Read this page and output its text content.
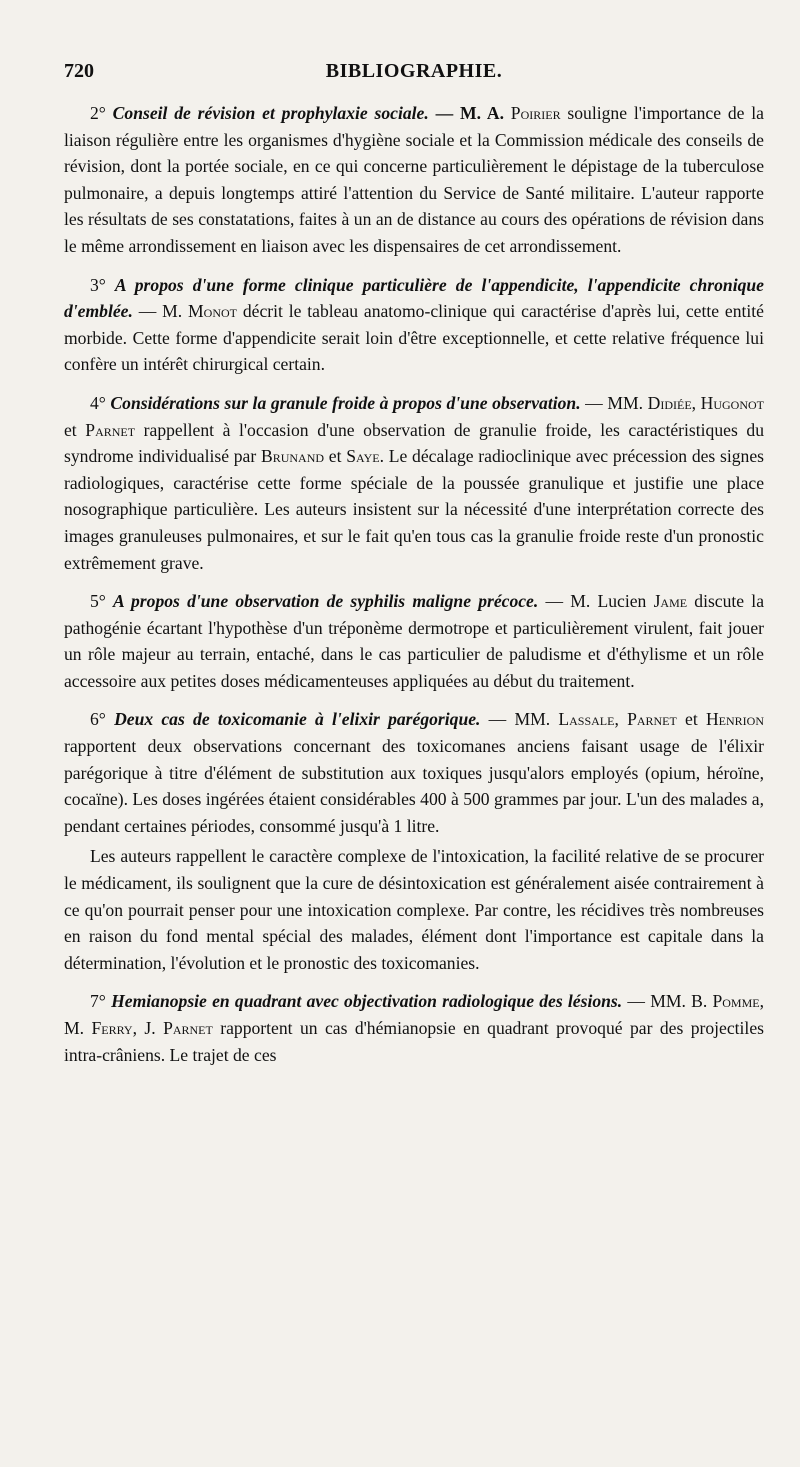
720	BIBLIOGRAPHIE.

2° Conseil de révision et prophylaxie sociale. — M. A. Poirier souligne l'importance de la liaison régulière entre les organismes d'hygiène sociale et la Commission médicale des conseils de révision, dont la portée sociale, en ce qui concerne particulièrement le dépistage de la tuberculose pulmonaire, a depuis longtemps attiré l'attention du Service de Santé militaire. L'auteur rapporte les résultats de ses constatations, faites à un an de distance au cours des opérations de révision dans le même arrondissement en liaison avec les dispensaires de cet arrondissement.

3° A propos d'une forme clinique particulière de l'appendicite, l'appendicite chronique d'emblée. — M. Monot décrit le tableau anatomo-clinique qui caractérise d'après lui, cette entité morbide. Cette forme d'appendicite serait loin d'être exceptionnelle, et cette relative fréquence lui confère un intérêt chirurgical certain.

4° Considérations sur la granule froide à propos d'une observation. — MM. Didiée, Hugonot et Parnet rappellent à l'occasion d'une observation de granulie froide, les caractéristiques du syndrome individualisé par Brunand et Saye. Le décalage radioclinique avec précession des signes radiologiques, caractérise cette forme spéciale de la poussée granulique et justifie une place nosographique particulière. Les auteurs insistent sur la nécessité d'une interprétation correcte des images granuleuses pulmonaires, et sur le fait qu'en tous cas la granulie froide reste d'un pronostic extrêmement grave.

5° A propos d'une observation de syphilis maligne précoce. — M. Lucien Jame discute la pathogénie écartant l'hypothèse d'un tréponème dermotrope et particulièrement virulent, fait jouer un rôle majeur au terrain, entaché, dans le cas particulier de paludisme et d'éthylisme et un rôle accessoire aux petites doses médicamenteuses appliquées au début du traitement.

6° Deux cas de toxicomanie à l'elixir parégorique. — MM. Lassale, Parnet et Henrion rapportent deux observations concernant des toxicomanes anciens faisant usage de l'élixir parégorique à titre d'élément de substitution aux toxiques jusqu'alors employés (opium, héroïne, cocaïne). Les doses ingérées étaient considérables 400 à 500 grammes par jour. L'un des malades a, pendant certaines périodes, consommé jusqu'à 1 litre.

Les auteurs rappellent le caractère complexe de l'intoxication, la facilité relative de se procurer le médicament, ils soulignent que la cure de désintoxication est généralement aisée contrairement à ce qu'on pourrait penser pour une intoxication complexe. Par contre, les récidives très nombreuses en raison du fond mental spécial des malades, élément dont l'importance est capitale dans la détermination, l'évolution et le pronostic des toxicomanies.

7° Hemianopsie en quadrant avec objectivation radiologique des lésions. — MM. B. Pomme, M. Ferry, J. Parnet rapportent un cas d'hémianopsie en quadrant provoqué par des projectiles intra-crâniens. Le trajet de ces
